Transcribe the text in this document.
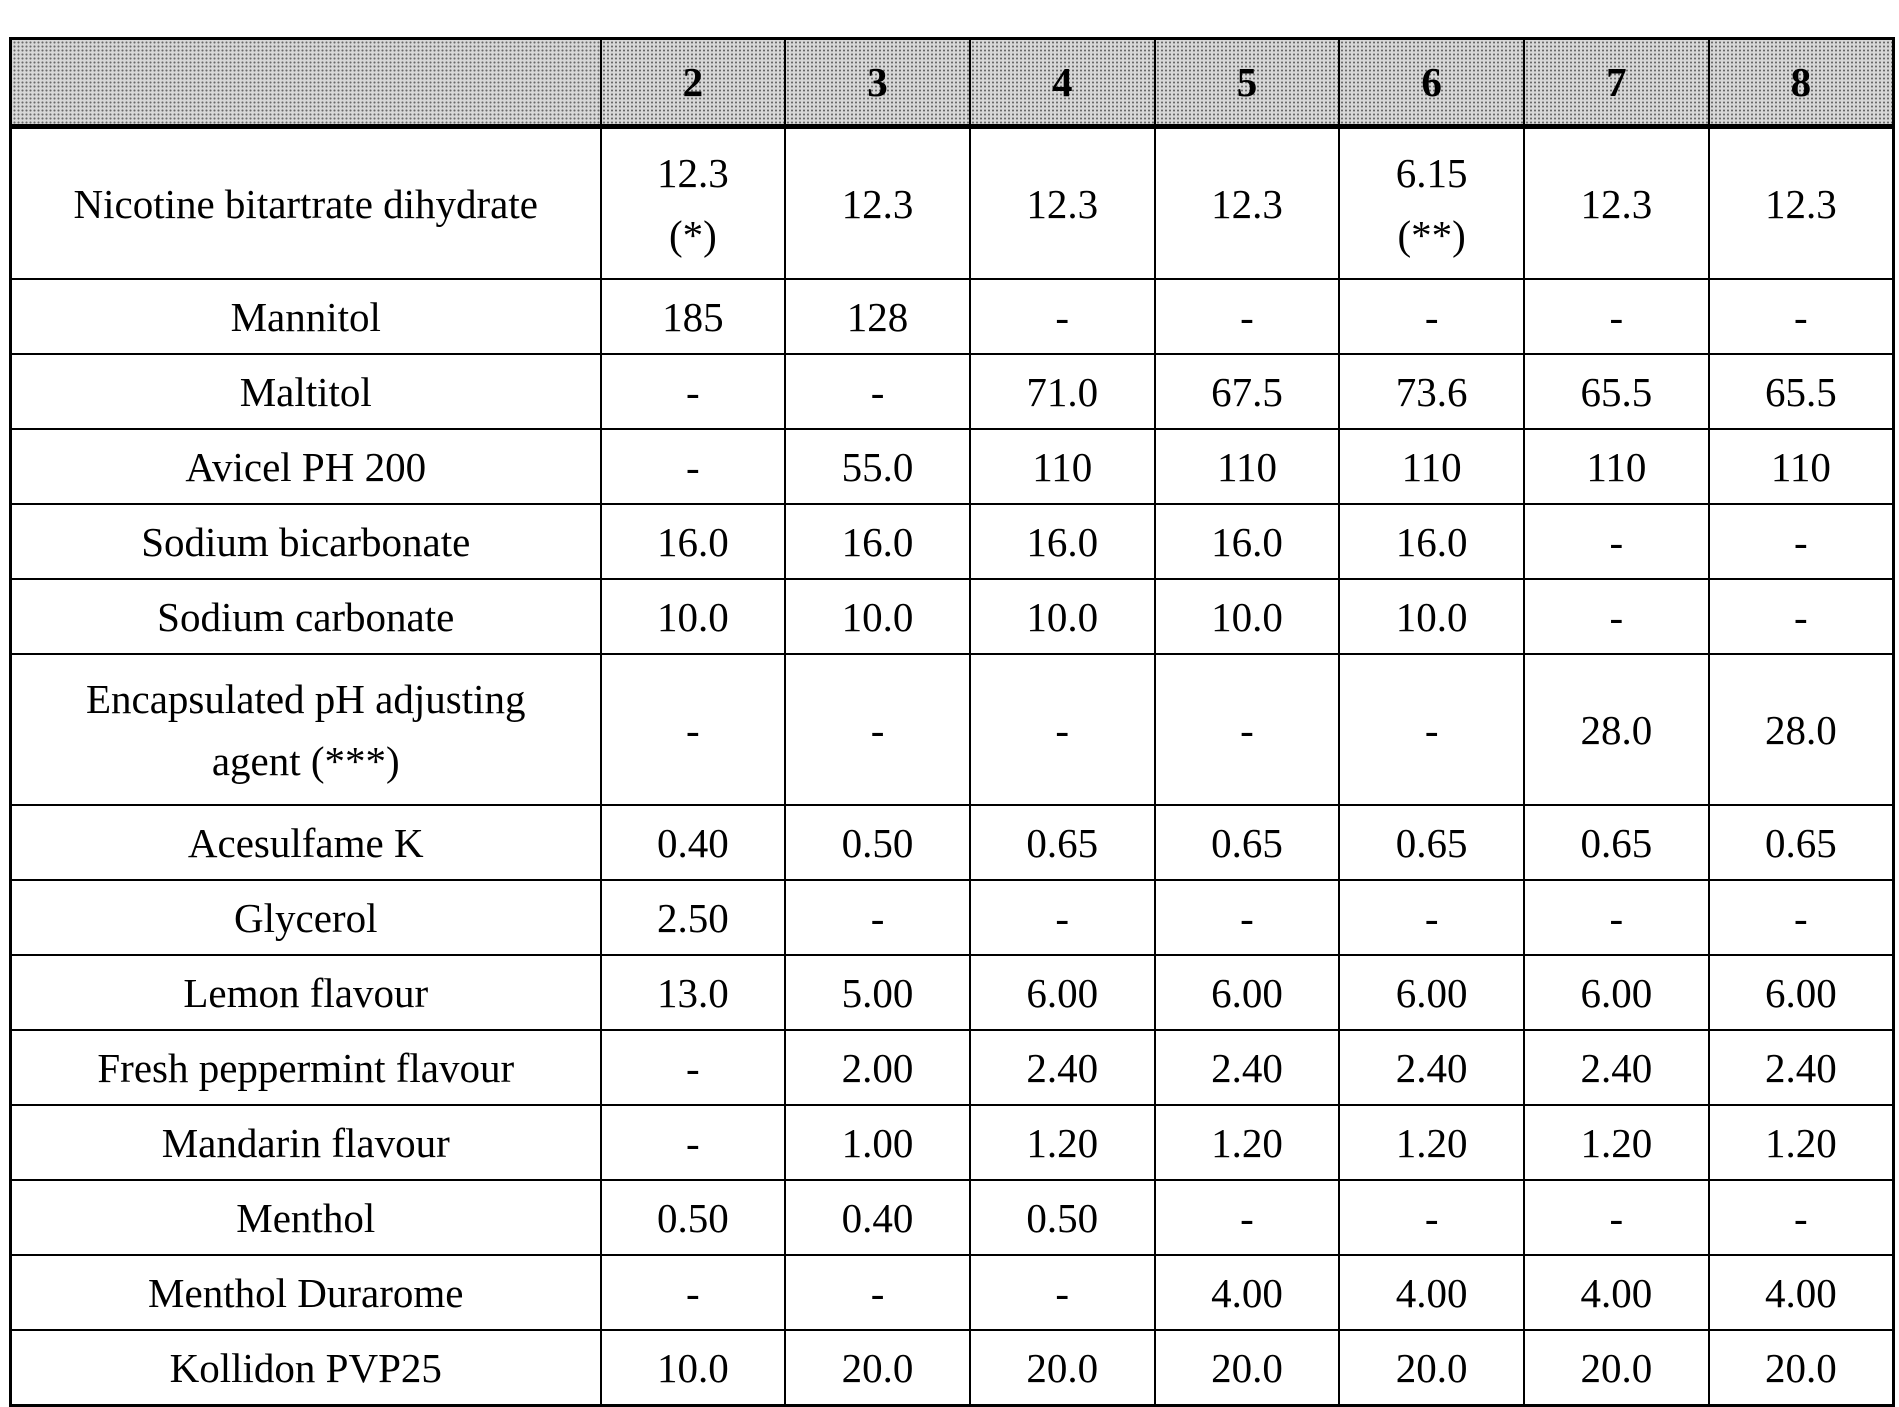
	2	3	4	5	6	7	8
Nicotine bitartrate dihydrate	12.3
(*)	12.3	12.3	12.3	6.15
(**)	12.3	12.3
Mannitol	185	128	-	-	-	-	-
Maltitol	-	-	71.0	67.5	73.6	65.5	65.5
Avicel PH 200	-	55.0	110	110	110	110	110
Sodium bicarbonate	16.0	16.0	16.0	16.0	16.0	-	-
Sodium carbonate	10.0	10.0	10.0	10.0	10.0	-	-
Encapsulated pH adjusting
agent (***)	-	-	-	-	-	28.0	28.0
Acesulfame K	0.40	0.50	0.65	0.65	0.65	0.65	0.65
Glycerol	2.50	-	-	-	-	-	-
Lemon flavour	13.0	5.00	6.00	6.00	6.00	6.00	6.00
Fresh peppermint flavour	-	2.00	2.40	2.40	2.40	2.40	2.40
Mandarin flavour	-	1.00	1.20	1.20	1.20	1.20	1.20
Menthol	0.50	0.40	0.50	-	-	-	-
Menthol Durarome	-	-	-	4.00	4.00	4.00	4.00
Kollidon PVP25	10.0	20.0	20.0	20.0	20.0	20.0	20.0
